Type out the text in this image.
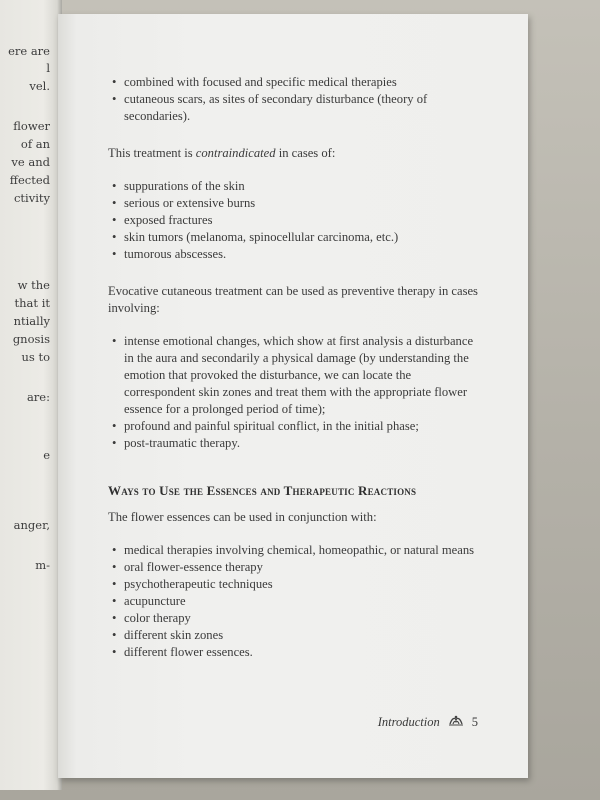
ere are
l
vel.
flower
of an
ve and
ffected
ctivity
w the
that it
ntially
gnosis
us to
are:
e
anger,
m-
• combined with focused and specific medical therapies
• cutaneous scars, as sites of secondary disturbance (theory of secondaries).

This treatment is contraindicated in cases of:

• suppurations of the skin
• serious or extensive burns
• exposed fractures
• skin tumors (melanoma, spinocellular carcinoma, etc.)
• tumorous abscesses.

Evocative cutaneous treatment can be used as preventive therapy in cases involving:

• intense emotional changes, which show at first analysis a disturbance in the aura and secondarily a physical damage (by understanding the emotion that provoked the disturbance, we can locate the correspondent skin zones and treat them with the appropriate flower essence for a prolonged period of time);
• profound and painful spiritual conflict, in the initial phase;
• post-traumatic therapy.
Ways to Use the Essences and Therapeutic Reactions

The flower essences can be used in conjunction with:

• medical therapies involving chemical, homeopathic, or natural means
• oral flower-essence therapy
• psychotherapeutic techniques
• acupuncture
• color therapy
• different skin zones
• different flower essences.
Introduction	5
